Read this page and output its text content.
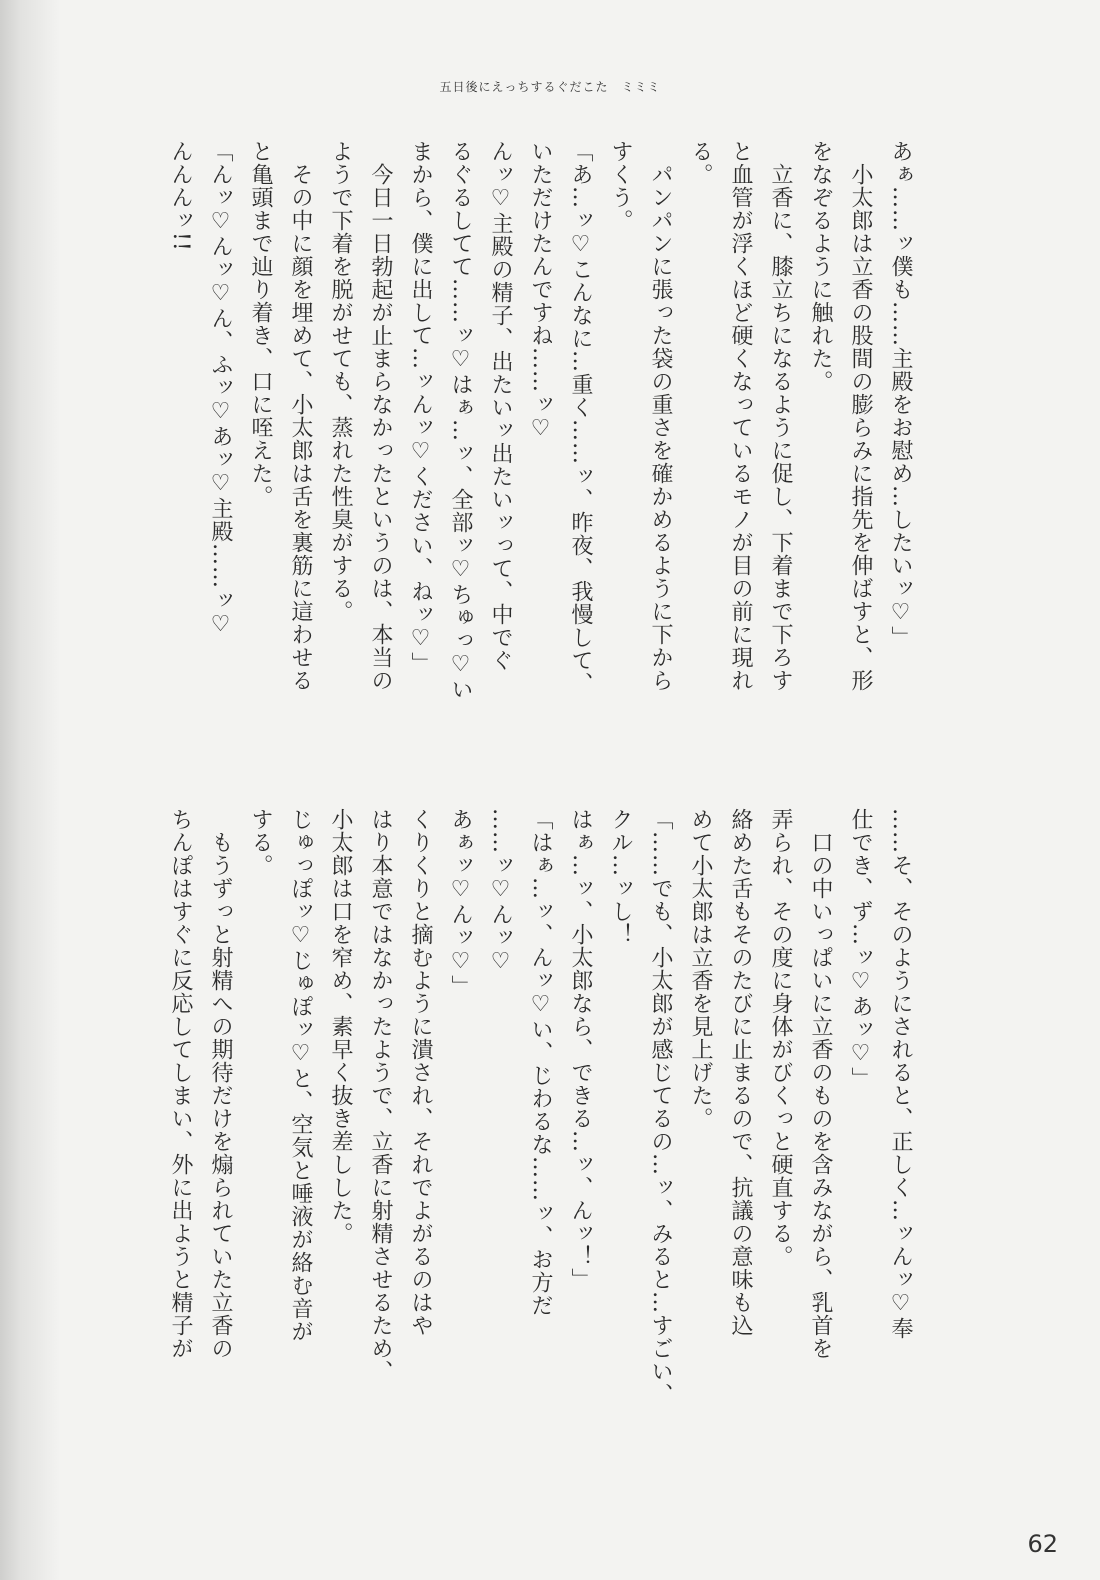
五日後にえっちするぐだこた　ミミミ
あぁ……ッ僕も……主殿をお慰め…したいッ♡」
　小太郎は立香の股間の膨らみに指先を伸ばすと、形
をなぞるように触れた。
　立香に、膝立ちになるように促し、下着まで下ろす
と血管が浮くほど硬くなっているモノが目の前に現れ
る。
　パンパンに張った袋の重さを確かめるように下から
すくう。
「あ…ッ♡こんなに…重く……ッ、昨夜、我慢して、
いただけたんですね……ッ♡
んッ♡主殿の精子、出たいッ出たいッって、中でぐ
るぐるしてて……ッ♡はぁ…ッ、全部ッ♡ちゅっ♡い
まから、僕に出して…ッんッ♡ください、ねッ♡」
　今日一日勃起が止まらなかったというのは、本当の
ようで下着を脱がせても、蒸れた性臭がする。
　その中に顔を埋めて、小太郎は舌を裏筋に這わせる
と亀頭まで辿り着き、口に咥えた。
「んッ♡んッ♡ん、ふッ♡あッ♡主殿……ッ♡
んんんッ!!
……そ、そのようにされると、正しく…ッんッ♡奉
仕でき、ず…ッ♡あッ♡」
　口の中いっぱいに立香のものを含みながら、乳首を
弄られ、その度に身体がびくっと硬直する。
絡めた舌もそのたびに止まるので、抗議の意味も込
めて小太郎は立香を見上げた。
「……でも、小太郎が感じてるの…ッ、みると…すごい、
クル…ッし！
はぁ…ッ、小太郎なら、できる…ッ、んッ！」
「はぁ…ッ、んッ♡い、じわるな……ッ、お方だ
……ッ♡んッ♡
あぁッ♡んッ♡」
くりくりと摘むように潰され、それでよがるのはや
はり本意ではなかったようで、立香に射精させるため、
小太郎は口を窄め、素早く抜き差しした。
じゅっぽッ♡じゅぽッ♡と、空気と唾液が絡む音が
する。
　もうずっと射精への期待だけを煽られていた立香の
ちんぽはすぐに反応してしまい、外に出ようと精子が
62
